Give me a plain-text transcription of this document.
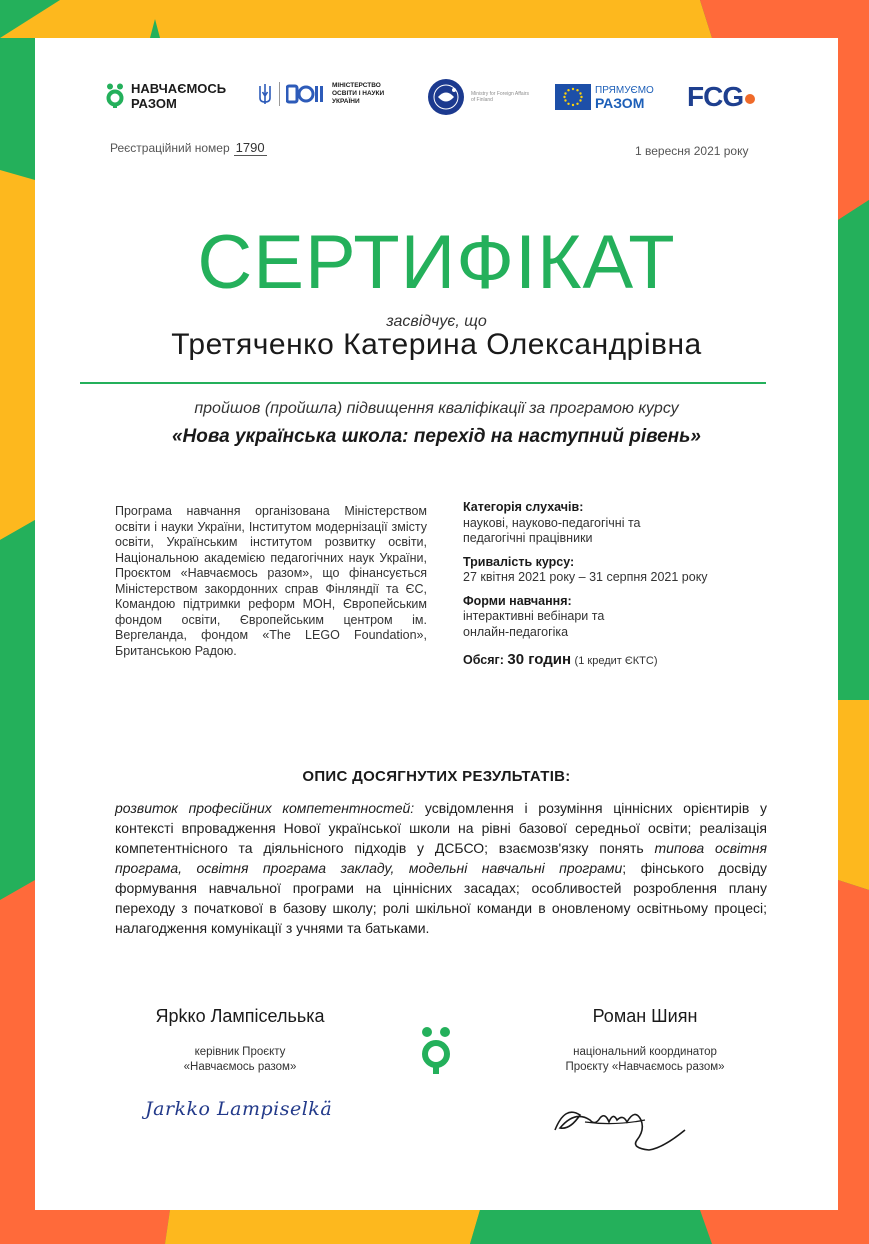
НАВЧАЄМОСЬ РАЗОМ
МІНІСТЕРСТВО ОСВІТИ І НАУКИ УКРАЇНИ
Ministry for Foreign Affairs of Finland
ПРЯМУЄМО
РАЗОМ	FCG
Реєстраційний номер 1790	1 вересня 2021 року
СЕРТИФІКАТ
засвідчує, що
Третяченко Катерина Олександрівна
пройшов (пройшла) підвищення кваліфікації за програмою курсу
«Нова українська школа: перехід на наступний рівень»
Програма навчання організована Міністерством освіти і науки України, Інститутом модернізації змісту освіти, Українським інститутом розвитку освіти, Національною академією педагогічних наук України, Проєктом «Навчаємось разом», що фінансується Міністерством закордонних справ Фінляндії та ЄС, Командою підтримки реформ МОН, Європейським фондом освіти, Європейським центром ім. Вергеланда, фондом «The LEGO Foundation», Британською Радою.
Категорія слухачів:
наукові, науково-педагогічні та педагогічні працівники
Тривалість курсу:
27 квітня 2021 року – 31 серпня 2021 року
Форми навчання:
інтерактивні вебінари та онлайн-педагогіка
Обсяг: 30 годин (1 кредит ЄКТС)
ОПИС ДОСЯГНУТИХ РЕЗУЛЬТАТІВ:
розвиток професійних компетентностей: усвідомлення і розуміння ціннісних орієнтирів у контексті впровадження Нової української школи на рівні базової середньої освіти; реалізація компетентнісного та діяльнісного підходів у ДСБСО; взаємозв'язку понять типова освітня програма, освітня програма закладу, модельні навчальні програми; фінського досвіду формування навчальної програми на ціннісних засадах; особливостей розроблення плану переходу з початкової в базову школу; ролі шкільної команди в оновленому освітньому процесі; налагодження комунікації з учнями та батьками.
Ярkко Лампісельька
керівник Проєкту
«Навчаємось разом»
Jarkko Lampiselkä
Роман Шиян
національний координатор
Проєкту «Навчаємось разом»
